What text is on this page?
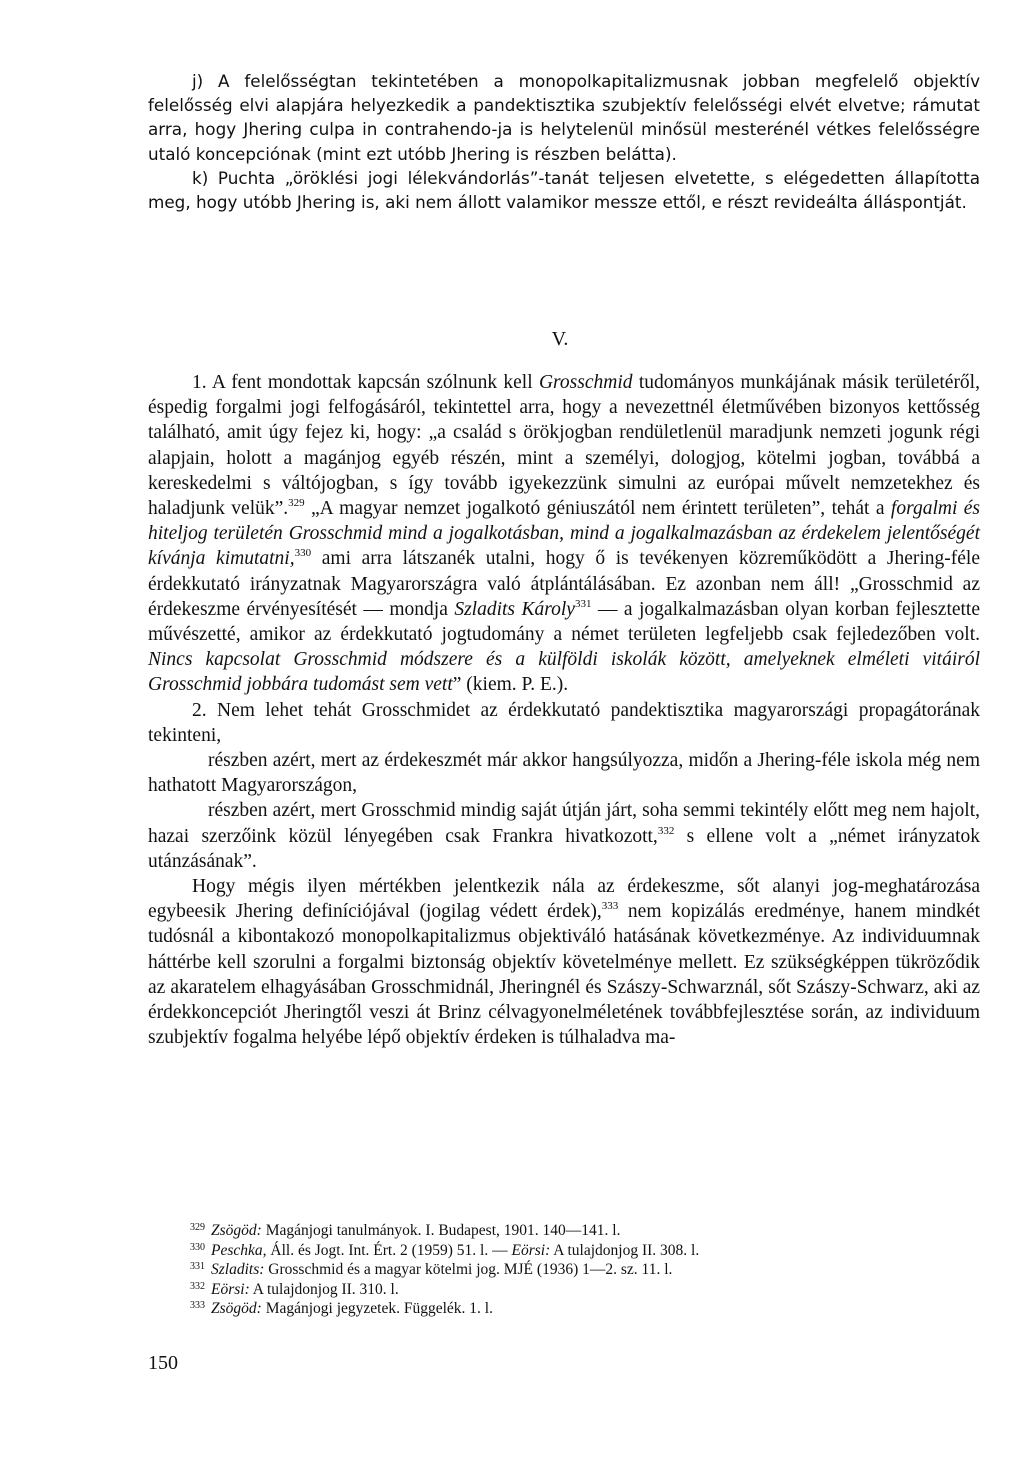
j) A felelősségtan tekintetében a monopolkapitalizmusnak jobban megfelelő objektív felelősség elvi alapjára helyezkedik a pandektisztika szubjektív felelősségi elvét elvetve; rámutat arra, hogy Jhering culpa in contrahendo-ja is helytelenül minősül mesterénél vétkes felelősségre utaló koncepciónak (mint ezt utóbb Jhering is részben belátta).

k) Puchta „öröklési jogi lélekvándorlás”-tanát teljesen elvetette, s elégedetten állapította meg, hogy utóbb Jhering is, aki nem állott valamikor messze ettől, e részt revideálta álláspontját.

V.

1. A fent mondottak kapcsán szólnunk kell Grosschmid tudományos munkájának másik területéről, éspedig forgalmi jogi felfogásáról, tekintettel arra, hogy a nevezettnél életművében bizonyos kettősség található, amit úgy fejez ki, hogy: „a család s örökjogban rendületlenül maradjunk nemzeti jogunk régi alapjain, holott a magánjog egyéb részén, mint a személyi, dologjog, kötelmi jogban, továbbá a kereskedelmi s váltójogban, s így tovább igyekezzünk simulni az európai művelt nemzetekhez és haladjunk velük”.$^{329}$ „A magyar nemzet jogalkotó géniuszától nem érintett területen”, tehát a forgalmi és hiteljog területén Grosschmid mind a jogalkotásban, mind a jogalkalmazásban az érdekelem jelentőségét kívánja kimutatni,$^{330}$ ami arra látszanék utalni, hogy ő is tevékenyen közreműködött a Jhering-féle érdekkutató irányzatnak Magyarországra való átplántálásában. Ez azonban nem áll! „Grosschmid az érdekeszme érvényesítését — mondja Szladits Károly$^{331}$ — a jogalkalmazásban olyan korban fejlesztette művészetté, amikor az érdekkutató jogtudomány a német területen legfeljebb csak fejledezőben volt. Nincs kapcsolat Grosschmid módszere és a külföldi iskolák között, amelyeknek elméleti vitáiról Grosschmid jobbára tudomást sem vett” (kiem. P. E.).

2. Nem lehet tehát Grosschmidet az érdekkutató pandektisztika magyarországi propagátorának tekinteni,

részben azért, mert az érdekeszmét már akkor hangsúlyozza, midőn a Jhering-féle iskola még nem hathatott Magyarországon,

részben azért, mert Grosschmid mindig saját útján járt, soha semmi tekintély előtt meg nem hajolt, hazai szerzőink közül lényegében csak Frankra hivatkozott,$^{332}$ s ellene volt a „német irányzatok utánzásának”.

Hogy mégis ilyen mértékben jelentkezik nála az érdekeszme, sőt alanyi jog-meghatározása egybeesik Jhering definíciójával (jogilag védett érdek),$^{333}$ nem kopizálás eredménye, hanem mindkét tudósnál a kibontakozó monopolkapitalizmus objektiváló hatásának következménye. Az individuumnak háttérbe kell szorulni a forgalmi biztonság objektív követelménye mellett. Ez szükségképpen tükröződik az akaratelem elhagyásában Grosschmidnál, Jheringnél és Szászy-Schwarznál, sőt Szászy-Schwarz, aki az érdekkoncepciót Jheringtől veszi át Brinz célvagyonelméletének továbbfejlesztése során, az individuum szubjektív fogalma helyébe lépő objektív érdeken is túlhaladva ma-

$^{329}$ Zsögöd: Magánjogi tanulmányok. I. Budapest, 1901. 140—141. l.

$^{330}$ Peschka, Áll. és Jogt. Int. Ért. 2 (1959) 51. l. — Eörsi: A tulajdonjog II. 308. l.

$^{331}$ Szladits: Grosschmid és a magyar kötelmi jog. MJÉ (1936) 1—2. sz. 11. l.

$^{332}$ Eörsi: A tulajdonjog II. 310. l.

$^{333}$ Zsögöd: Magánjogi jegyzetek. Függelék. 1. l.

150
